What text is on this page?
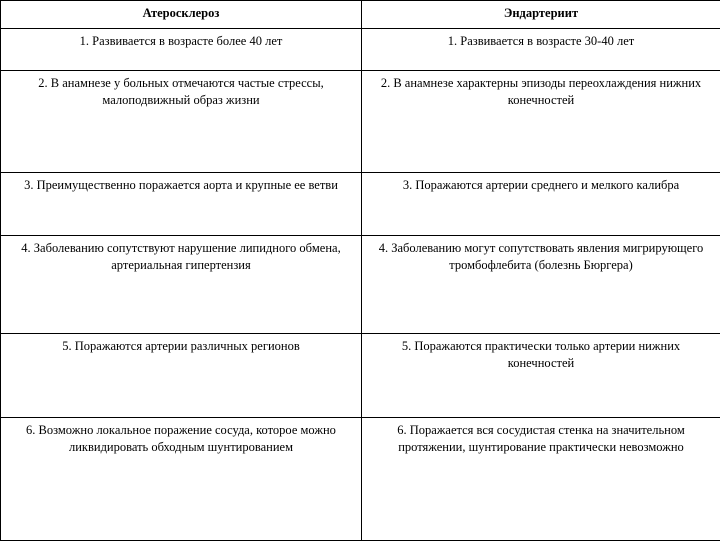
Атеросклероз	Эндартериит
1. Развивается в возрасте более 40 лет	1. Развивается в возрасте 30-40 лет
2. В анамнезе у больных отмечаются частые стрессы, малоподвижный образ жизни	2. В анамнезе характерны эпизоды переохлаждения нижних конечностей
3. Преимущественно поражается аорта и крупные ее ветви	3. Поражаются артерии среднего и мелкого калибра
4. Заболеванию сопутствуют нарушение липидного обмена, артериальная гипертензия	4. Заболеванию могут сопутствовать явления мигрирующего тромбофлебита (болезнь Бюргера)
5. Поражаются артерии различных регионов	5. Поражаются практически только артерии нижних конечностей
6. Возможно локальное поражение сосуда, которое можно ликвидировать обходным шунтированием	6. Поражается вся сосудистая стенка на значительном протяжении, шунтирование практически невозможно
